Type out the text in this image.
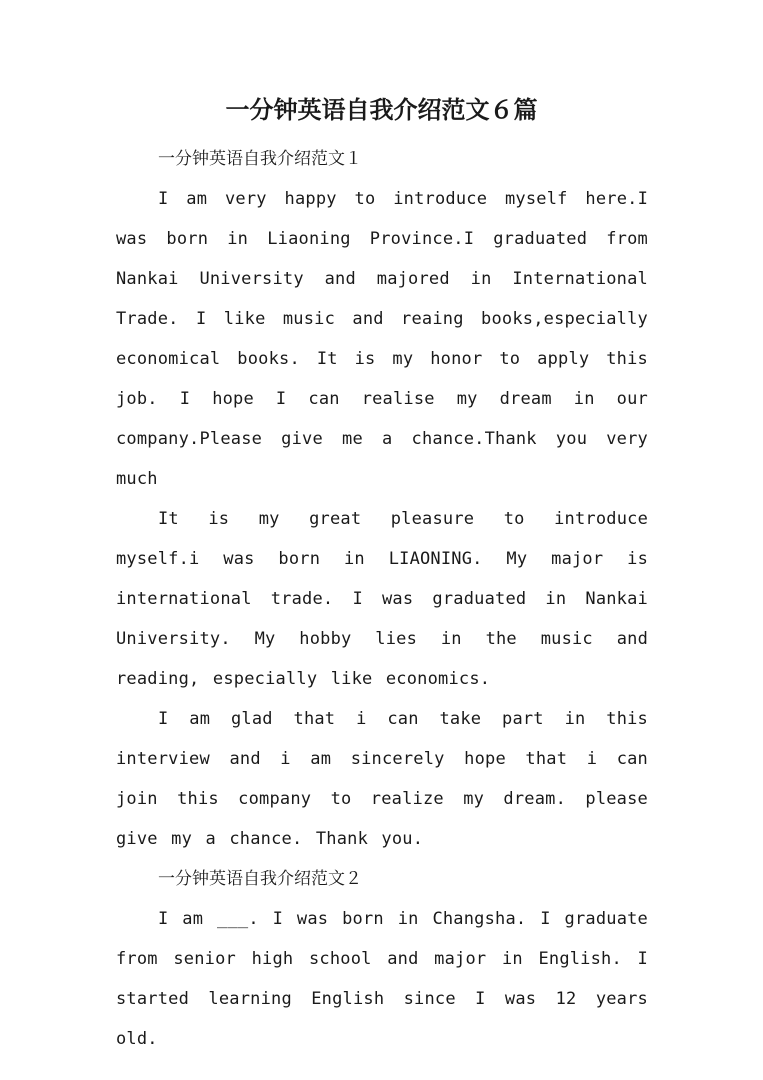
一分钟英语自我介绍范文６篇
一分钟英语自我介绍范文１

I am very happy to introduce myself here.I was born in Liaoning Province.I graduated from Nankai University and majored in International Trade. I like music and reaing books,especially economical books. It is my honor to apply this job. I hope I can realise my dream in our company.Please give me a chance.Thank you very much

It is my great pleasure to introduce myself.i was born in LIAONING. My major is international trade. I was graduated in Nankai University. My hobby lies in the music and reading, especially like economics.

I am glad that i can take part in this interview and i am sincerely hope that i can join this company to realize my dream. please give my a chance. Thank you.

一分钟英语自我介绍范文２

I am ___. I was born in Changsha. I graduate from senior high school and major in English. I started learning English since I was 12 years old.
